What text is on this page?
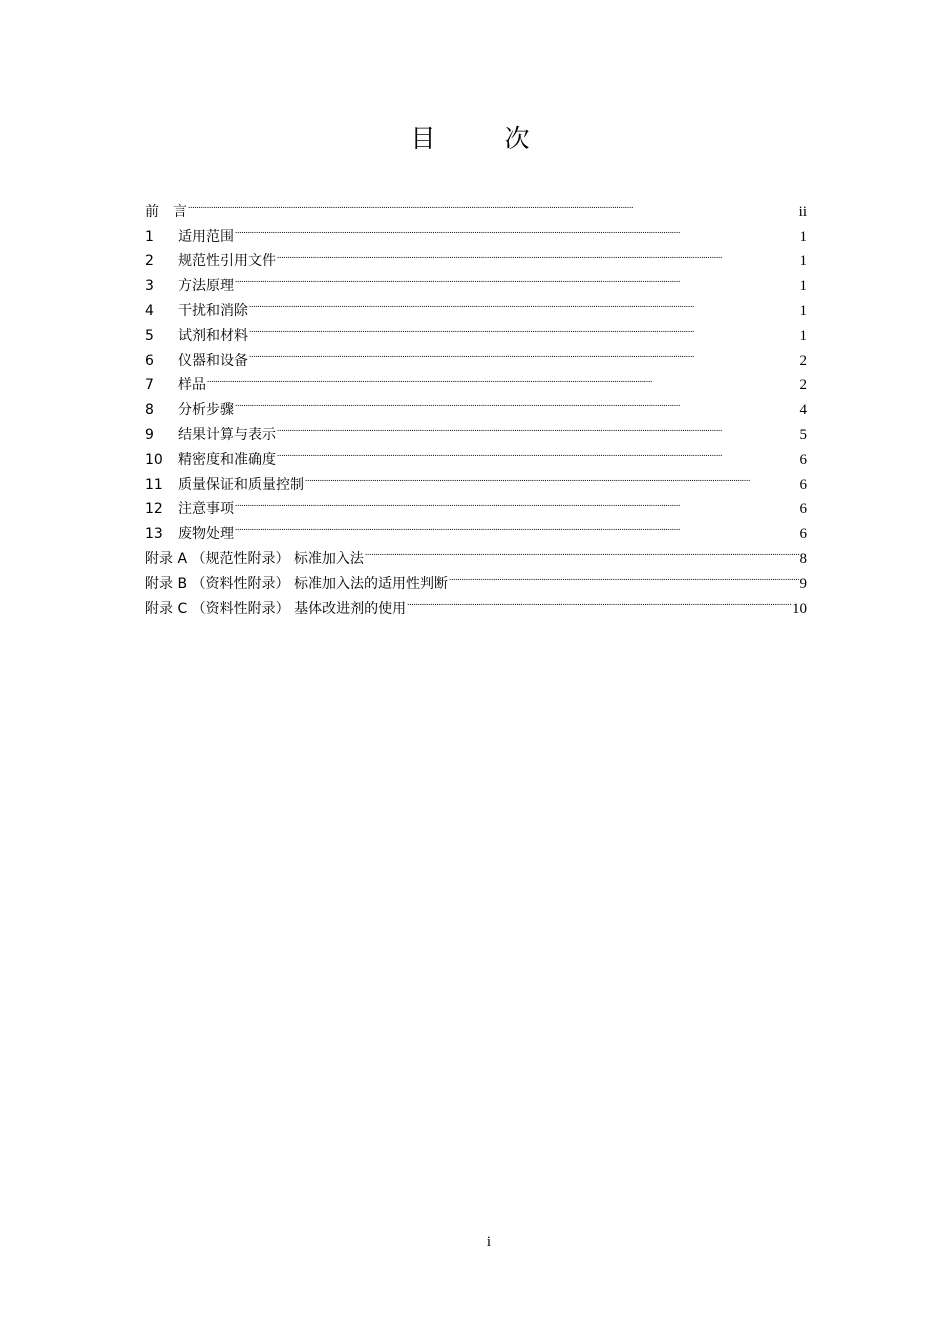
目　次
前　言 . . .	ii
1	适用范围 . . .	1
2	规范性引用文件 . . .	1
3	方法原理 . . .	1
4	干扰和消除 . . .	1
5	试剂和材料 . . .	1
6	仪器和设备 . . .	2
7	样品 . . .	2
8	分析步骤 . . .	4
9	结果计算与表示 . . .	5
10	精密度和准确度 . . .	6
11	质量保证和质量控制 . . .	6
12	注意事项 . . .	6
13	废物处理 . . .	6
附录 A （规范性附录） 标准加入法 . . .	8
附录 B （资料性附录） 标准加入法的适用性判断 . . .	9
附录 C （资料性附录） 基体改进剂的使用 . . .	10
i
